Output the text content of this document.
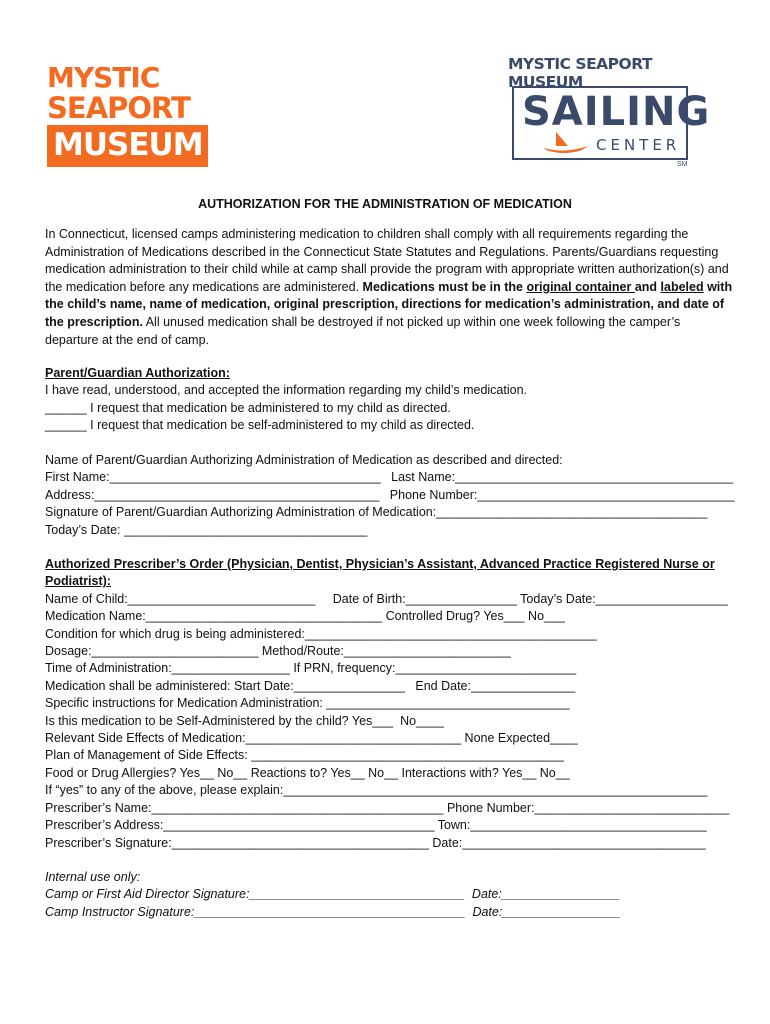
MYSTIC
SEAPORT
MUSEUM
MYSTIC SEAPORT MUSEUM
SAILING
CENTER
SM
AUTHORIZATION FOR THE ADMINISTRATION OF MEDICATION
In Connecticut, licensed camps administering medication to children shall comply with all requirements regarding the Administration of Medications described in the Connecticut State Statutes and Regulations. Parents/Guardians requesting medication administration to their child while at camp shall provide the program with appropriate written authorization(s) and the medication before any medications are administered. Medications must be in the original container and labeled with the child’s name, name of medication, original prescription, directions for medication’s administration, and date of the prescription. All unused medication shall be destroyed if not picked up within one week following the camper’s departure at the end of camp.
Parent/Guardian Authorization:
I have read, understood, and accepted the information regarding my child’s medication.
______ I request that medication be administered to my child as directed.
______ I request that medication be self-administered to my child as directed.
Name of Parent/Guardian Authorizing Administration of Medication as described and directed:
First Name:_______________________________________   Last Name:________________________________________
Address:_________________________________________   Phone Number:_____________________________________
Signature of Parent/Guardian Authorizing Administration of Medication:_______________________________________
Today’s Date: ___________________________________
Authorized Prescriber’s Order (Physician, Dentist, Physician’s Assistant, Advanced Practice Registered Nurse or Podiatrist):
Name of Child:___________________________     Date of Birth:________________ Today’s Date:___________________
Medication Name:__________________________________ Controlled Drug? Yes___ No___
Condition for which drug is being administered:__________________________________________
Dosage:________________________ Method/Route:________________________
Time of Administration:_________________ If PRN, frequency:__________________________
Medication shall be administered: Start Date:________________   End Date:_______________
Specific instructions for Medication Administration: ___________________________________
Is this medication to be Self-Administered by the child? Yes___  No____
Relevant Side Effects of Medication:_______________________________ None Expected____
Plan of Management of Side Effects: _____________________________________________
Food or Drug Allergies? Yes__ No__ Reactions to? Yes__ No__ Interactions with? Yes__ No__
If “yes” to any of the above, please explain:_____________________________________________________________
Prescriber’s Name:__________________________________________ Phone Number:____________________________
Prescriber’s Address:_______________________________________ Town:__________________________________
Prescriber’s Signature:_____________________________________ Date:___________________________________
Internal use only:
Camp or First Aid Director Signature:_______________________________  Date:_________________
Camp Instructor Signature:_______________________________________  Date:_________________
